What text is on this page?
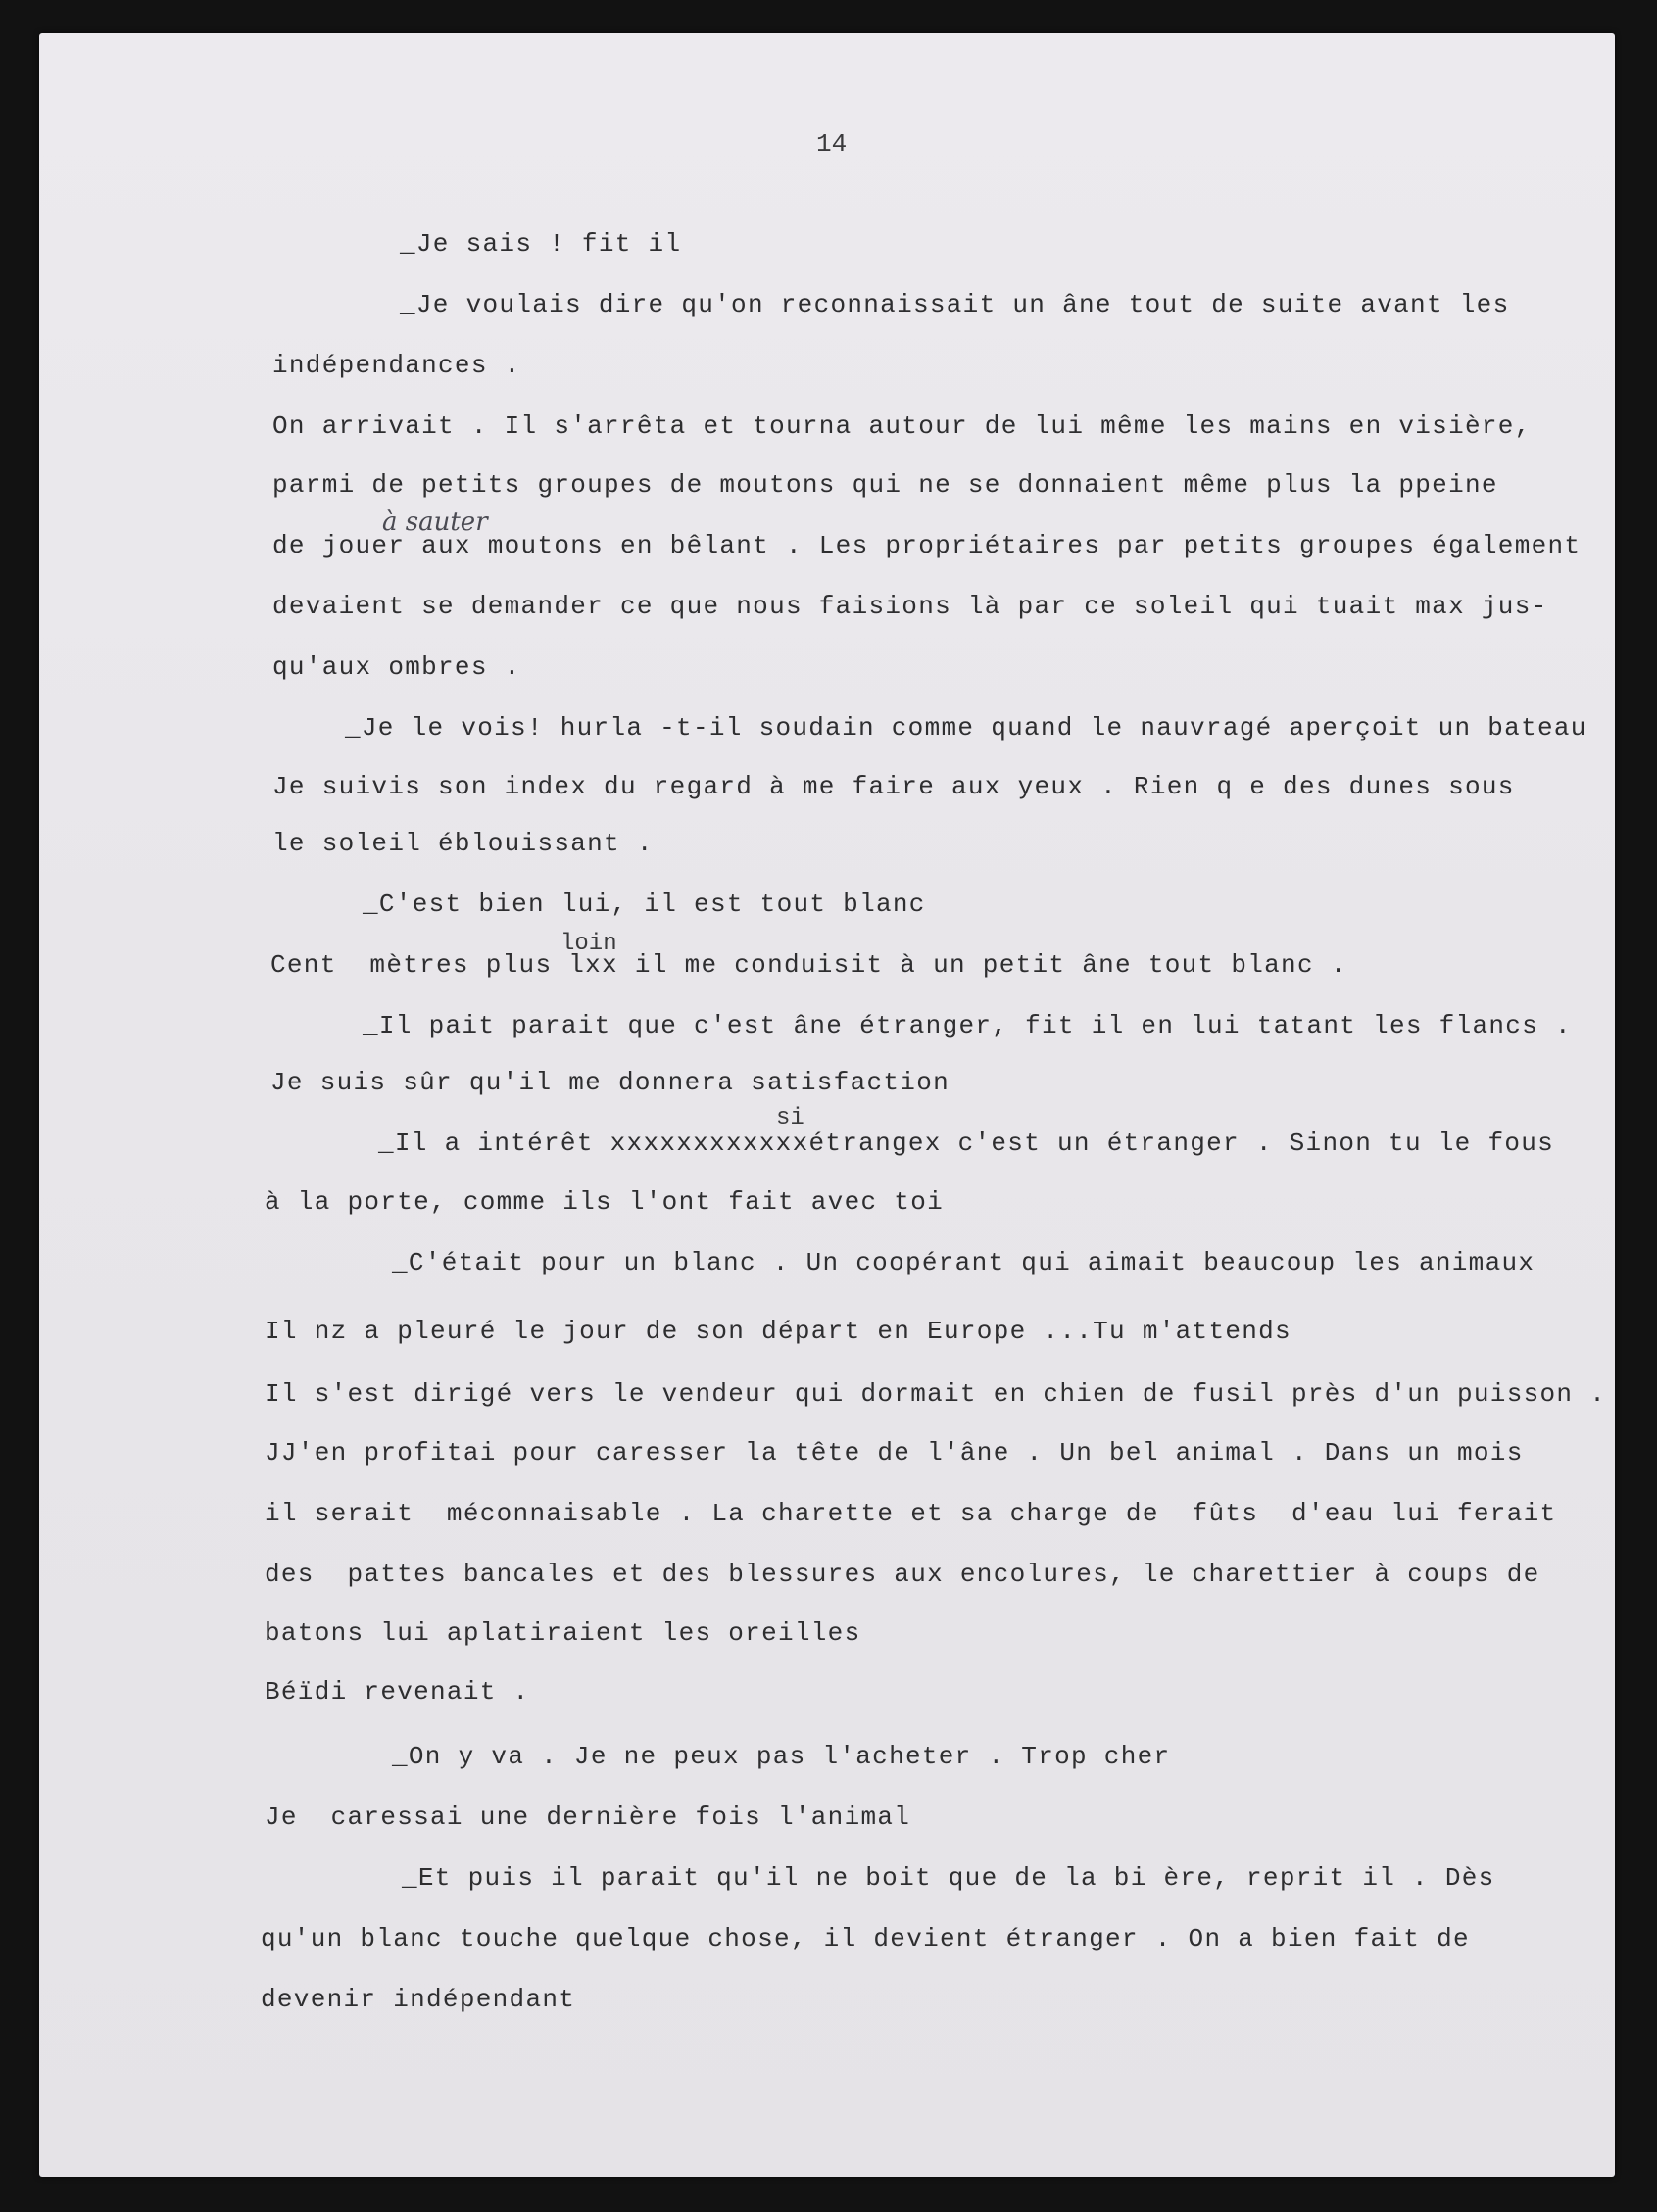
14
à sauter
loin
si
_Je sais ! fit il
_Je voulais dire qu'on reconnaissait un âne tout de suite avant les
indépendances .
On arrivait . Il s'arrêta et tourna autour de lui même les mains en visière,
parmi de petits groupes de moutons qui ne se donnaient même plus la ppeine
de jouer aux moutons en bêlant . Les propriétaires par petits groupes également
devaient se demander ce que nous faisions là par ce soleil qui tuait max jus-
qu'aux ombres .
_Je le vois! hurla -t-il soudain comme quand le nauvragé aperçoit un bateau
Je suivis son index du regard à me faire aux yeux . Rien q e des dunes sous
le soleil éblouissant .
_C'est bien lui, il est tout blanc
Cent  mètres plus lxx il me conduisit à un petit âne tout blanc .
_Il pait parait que c'est âne étranger, fit il en lui tatant les flancs .
Je suis sûr qu'il me donnera satisfaction
_Il a intérêt xxxxxxxxxxxxétrangex c'est un étranger . Sinon tu le fous
à la porte, comme ils l'ont fait avec toi
_C'était pour un blanc . Un coopérant qui aimait beaucoup les animaux
Il nz a pleuré le jour de son départ en Europe ...Tu m'attends
Il s'est dirigé vers le vendeur qui dormait en chien de fusil près d'un puisson .
JJ'en profitai pour caresser la tête de l'âne . Un bel animal . Dans un mois
il serait  méconnaisable . La charette et sa charge de  fûts  d'eau lui ferait
des  pattes bancales et des blessures aux encolures, le charettier à coups de
batons lui aplatiraient les oreilles
Béïdi revenait .
_On y va . Je ne peux pas l'acheter . Trop cher
Je  caressai une dernière fois l'animal
_Et puis il parait qu'il ne boit que de la bi ère, reprit il . Dès
qu'un blanc touche quelque chose, il devient étranger . On a bien fait de
devenir indépendant
